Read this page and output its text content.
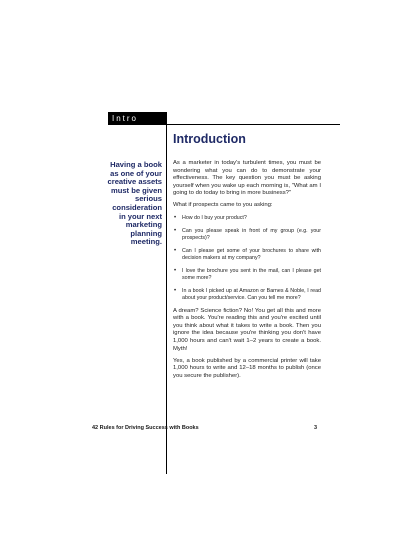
Intro
Introduction

Having a book as one of your creative assets must be given serious consideration in your next marketing planning meeting.

As a marketer in today's turbulent times, you must be wondering what you can do to demonstrate your effectiveness. The key question you must be asking yourself when you wake up each morning is, "What am I going to do today to bring in more business?"

What if prospects came to you asking:

• How do I buy your product?
• Can you please speak in front of my group (e.g. your prospects)?
• Can I please get some of your brochures to share with decision makers at my company?
• I love the brochure you sent in the mail, can I please get some more?
• In a book I picked up at Amazon or Barnes & Noble, I read about your product/service. Can you tell me more?

A dream? Science fiction? No! You get all this and more with a book. You're reading this and you're excited until you think about what it takes to write a book. Then you ignore the idea because you're thinking you don't have 1,000 hours and can't wait 1–2 years to create a book. Myth!

Yes, a book published by a commercial printer will take 1,000 hours to write and 12–18 months to publish (once you secure the publisher).

42 Rules for Driving Success with Books	3
